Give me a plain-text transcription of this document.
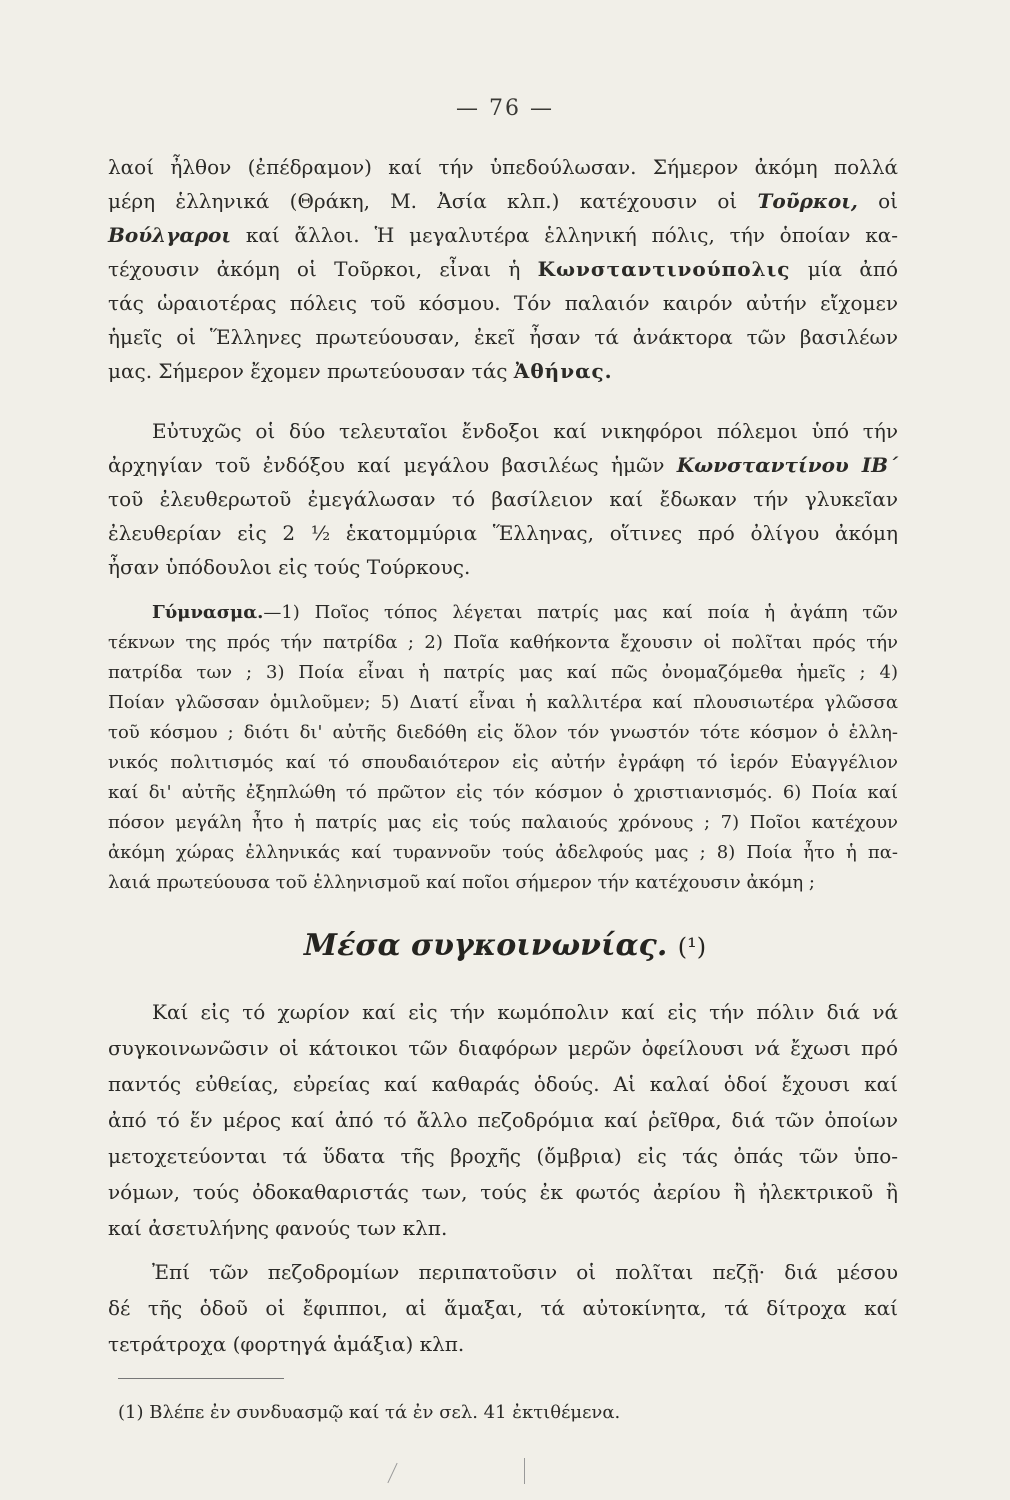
— 76 —
λαοί ἦλθον (ἐπέδραμον) καί τήν ὑπεδούλωσαν. Σήμερον ἀκόμη πολλά
μέρη ἑλληνικά (Θράκη, Μ. Ἀσία κλπ.) κατέχουσιν οἱ Τοῦρκοι, οἱ
Βούλγαροι καί ἄλλοι. Ἡ μεγαλυτέρα ἑλληνική πόλις, τήν ὁποίαν κα-
τέχουσιν ἀκόμη οἱ Τοῦρκοι, εἶναι ἡ Κωνσταντινούπολις μία ἀπό
τάς ὡραιοτέρας πόλεις τοῦ κόσμου. Τόν παλαιόν καιρόν αὐτήν εἴχομεν
ἡμεῖς οἱ Ἕλληνες πρωτεύουσαν, ἐκεῖ ἦσαν τά ἀνάκτορα τῶν βασιλέων
μας. Σήμερον ἔχομεν πρωτεύουσαν τάς Ἀθήνας.
Εὐτυχῶς οἱ δύο τελευταῖοι ἔνδοξοι καί νικηφόροι πόλεμοι ὑπό τήν
ἀρχηγίαν τοῦ ἐνδόξου καί μεγάλου βασιλέως ἡμῶν Κωνσταντίνου ΙΒ΄
τοῦ ἐλευθερωτοῦ ἐμεγάλωσαν τό βασίλειον καί ἔδωκαν τήν γλυκεῖαν
ἐλευθερίαν εἰς 2 ½ ἑκατομμύρια Ἕλληνας, οἵτινες πρό ὀλίγου ἀκόμη
ἦσαν ὑπόδουλοι εἰς τούς Τούρκους.
Γύμνασμα.—1) Ποῖος τόπος λέγεται πατρίς μας καί ποία ἡ ἀγάπη τῶν
τέκνων της πρός τήν πατρίδα ; 2) Ποῖα καθήκοντα ἔχουσιν οἱ πολῖται πρός τήν
πατρίδα των ; 3) Ποία εἶναι ἡ πατρίς μας καί πῶς ὀνομαζόμεθα ἡμεῖς ; 4)
Ποίαν γλῶσσαν ὁμιλοῦμεν; 5) Διατί εἶναι ἡ καλλιτέρα καί πλουσιωτέρα γλῶσσα
τοῦ κόσμου ; διότι δι' αὐτῆς διεδόθη εἰς ὅλον τόν γνωστόν τότε κόσμον ὁ ἑλλη-
νικός πολιτισμός καί τό σπουδαιότερον εἰς αὐτήν ἐγράφη τό ἱερόν Εὐαγγέλιον
καί δι' αὐτῆς ἐξηπλώθη τό πρῶτον εἰς τόν κόσμον ὁ χριστιανισμός. 6) Ποία καί
πόσον μεγάλη ἦτο ἡ πατρίς μας εἰς τούς παλαιούς χρόνους ; 7) Ποῖοι κατέχουν
ἀκόμη χώρας ἑλληνικάς καί τυραννοῦν τούς ἀδελφούς μας ; 8) Ποία ἦτο ἡ πα-
λαιά πρωτεύουσα τοῦ ἑλληνισμοῦ καί ποῖοι σήμερον τήν κατέχουσιν ἀκόμη ;
Μέσα συγκοινωνίας. (¹)
Καί εἰς τό χωρίον καί εἰς τήν κωμόπολιν καί εἰς τήν πόλιν διά νά
συγκοινωνῶσιν οἱ κάτοικοι τῶν διαφόρων μερῶν ὀφείλουσι νά ἔχωσι πρό
παντός εὐθείας, εὐρείας καί καθαράς ὁδούς. Αἱ καλαί ὁδοί ἔχουσι καί
ἀπό τό ἕν μέρος καί ἀπό τό ἄλλο πεζοδρόμια καί ῥεῖθρα, διά τῶν ὁποίων
μετοχετεύονται τά ὕδατα τῆς βροχῆς (ὄμβρια) εἰς τάς ὀπάς τῶν ὑπο-
νόμων, τούς ὀδοκαθαριστάς των, τούς ἐκ φωτός ἀερίου ἢ ἠλεκτρικοῦ ἢ
καί ἀσετυλήνης φανούς των κλπ.
Ἐπί τῶν πεζοδρομίων περιπατοῦσιν οἱ πολῖται πεζῇ· διά μέσου
δέ τῆς ὁδοῦ οἱ ἔφιπποι, αἱ ἅμαξαι, τά αὐτοκίνητα, τά δίτροχα καί
τετράτροχα (φορτηγά ἁμάξια) κλπ.
(1) Βλέπε ἐν συνδυασμῷ καί τά ἐν σελ. 41 ἐκτιθέμενα.
